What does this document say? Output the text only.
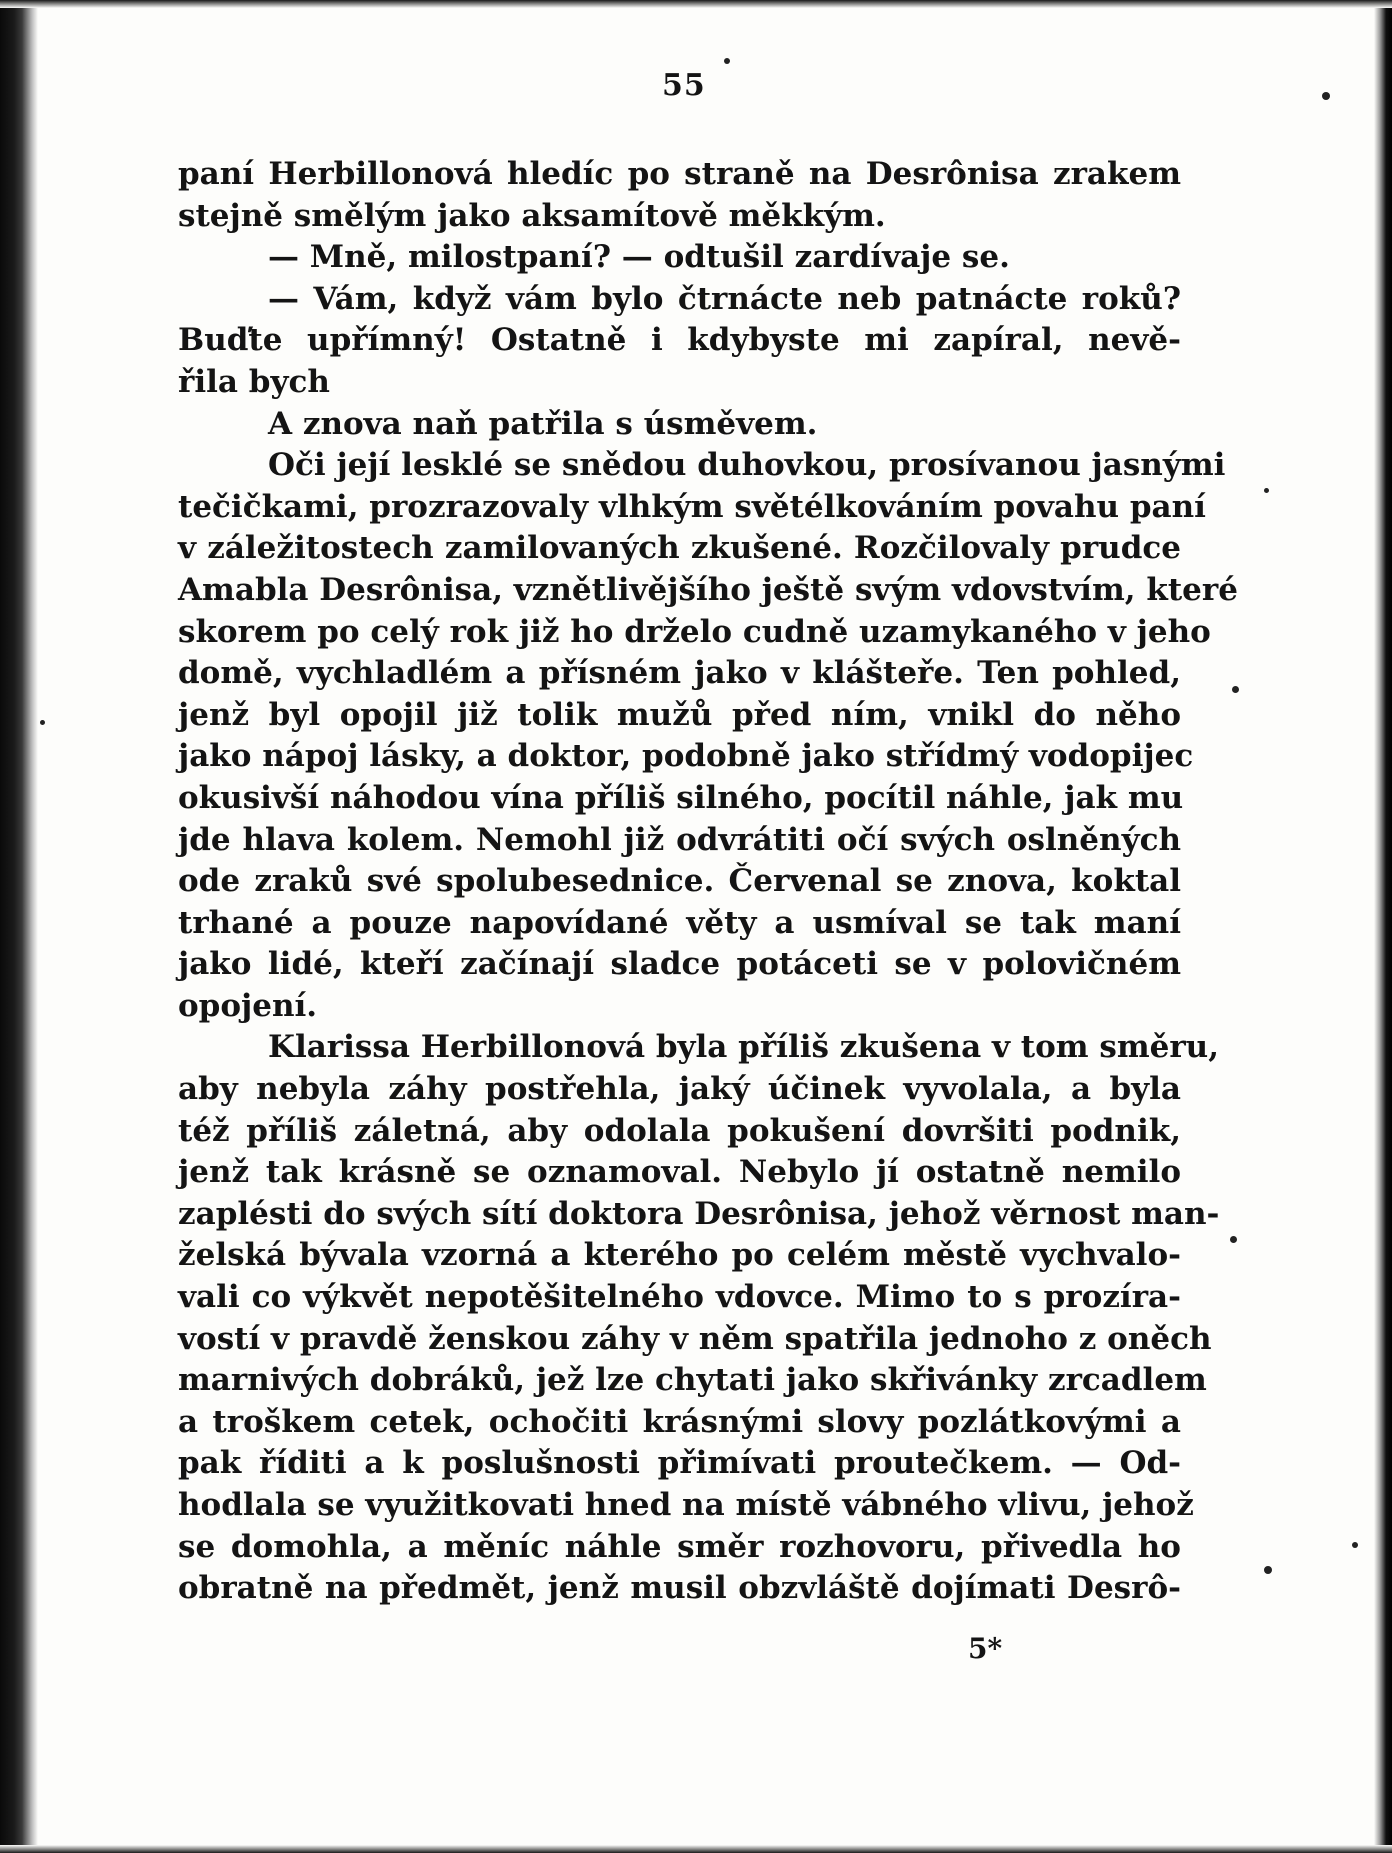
55
paní Herbillonová hledíc po straně na Desrônisa zrakem
stejně smělým jako aksamítově měkkým.
— Mně, milostpaní? — odtušil zardívaje se.
— Vám, když vám bylo čtrnácte neb patnácte roků?
Buďte upřímný! Ostatně i kdybyste mi zapíral, nevě-
řila bych
A znova naň patřila s úsměvem.
Oči její lesklé se snědou duhovkou, prosívanou jasnými
tečičkami, prozrazovaly vlhkým světélkováním povahu paní
v záležitostech zamilovaných zkušené. Rozčilovaly prudce
Amabla Desrônisa, vznětlivějšího ještě svým vdovstvím, které
skorem po celý rok již ho drželo cudně uzamykaného v jeho
domě, vychladlém a přísném jako v klášteře. Ten pohled,
jenž byl opojil již tolik mužů před ním, vnikl do něho
jako nápoj lásky, a doktor, podobně jako střídmý vodopijec
okusivší náhodou vína příliš silného, pocítil náhle, jak mu
jde hlava kolem. Nemohl již odvrátiti očí svých oslněných
ode zraků své spolubesednice. Červenal se znova, koktal
trhané a pouze napovídané věty a usmíval se tak maní
jako lidé, kteří začínají sladce potáceti se v polovičném
opojení.
Klarissa Herbillonová byla příliš zkušena v tom směru,
aby nebyla záhy postřehla, jaký účinek vyvolala, a byla
též příliš záletná, aby odolala pokušení dovršiti podnik,
jenž tak krásně se oznamoval. Nebylo jí ostatně nemilo
zaplésti do svých sítí doktora Desrônisa, jehož věrnost man-
želská bývala vzorná a kterého po celém městě vychvalo-
vali co výkvět nepotěšitelného vdovce. Mimo to s prozíra-
vostí v pravdě ženskou záhy v něm spatřila jednoho z oněch
marnivých dobráků, jež lze chytati jako skřivánky zrcadlem
a troškem cetek, ochočiti krásnými slovy pozlátkovými a
pak říditi a k poslušnosti přimívati proutečkem. — Od-
hodlala se využitkovati hned na místě vábného vlivu, jehož
se domohla, a měníc náhle směr rozhovoru, přivedla ho
obratně na předmět, jenž musil obzvláště dojímati Desrô-
5*
